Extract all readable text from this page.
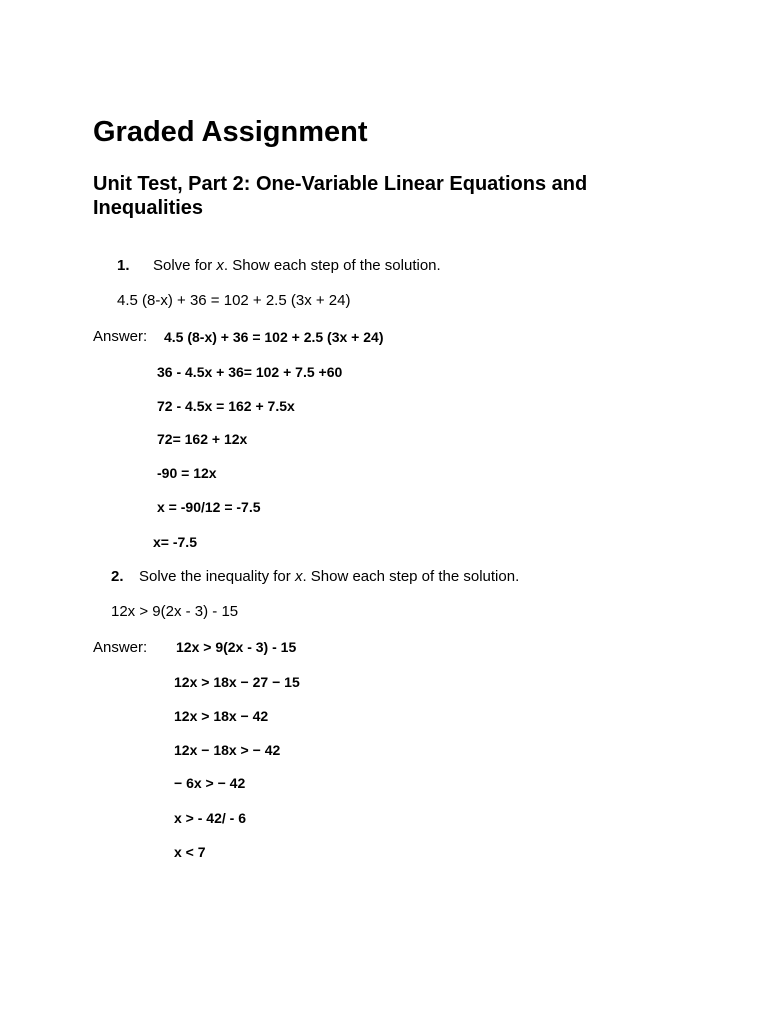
Graded Assignment
Unit Test, Part 2: One-Variable Linear Equations and Inequalities
1. Solve for x. Show each step of the solution.
4.5 (8-x) + 36 = 102 + 2.5 (3x + 24)
Answer: 4.5 (8-x) + 36 = 102 + 2.5 (3x + 24)
36 - 4.5x + 36= 102 + 7.5 +60
72 - 4.5x = 162 + 7.5x
72= 162 + 12x
-90 = 12x
x = -90/12 = -7.5
x= -7.5
2. Solve the inequality for x. Show each step of the solution.
12x > 9(2x - 3) - 15
Answer: 12x > 9(2x - 3) - 15
12x > 18x − 27 − 15
12x > 18x − 42
12x − 18x > − 42
− 6x > − 42
x > - 42/ - 6
x < 7
